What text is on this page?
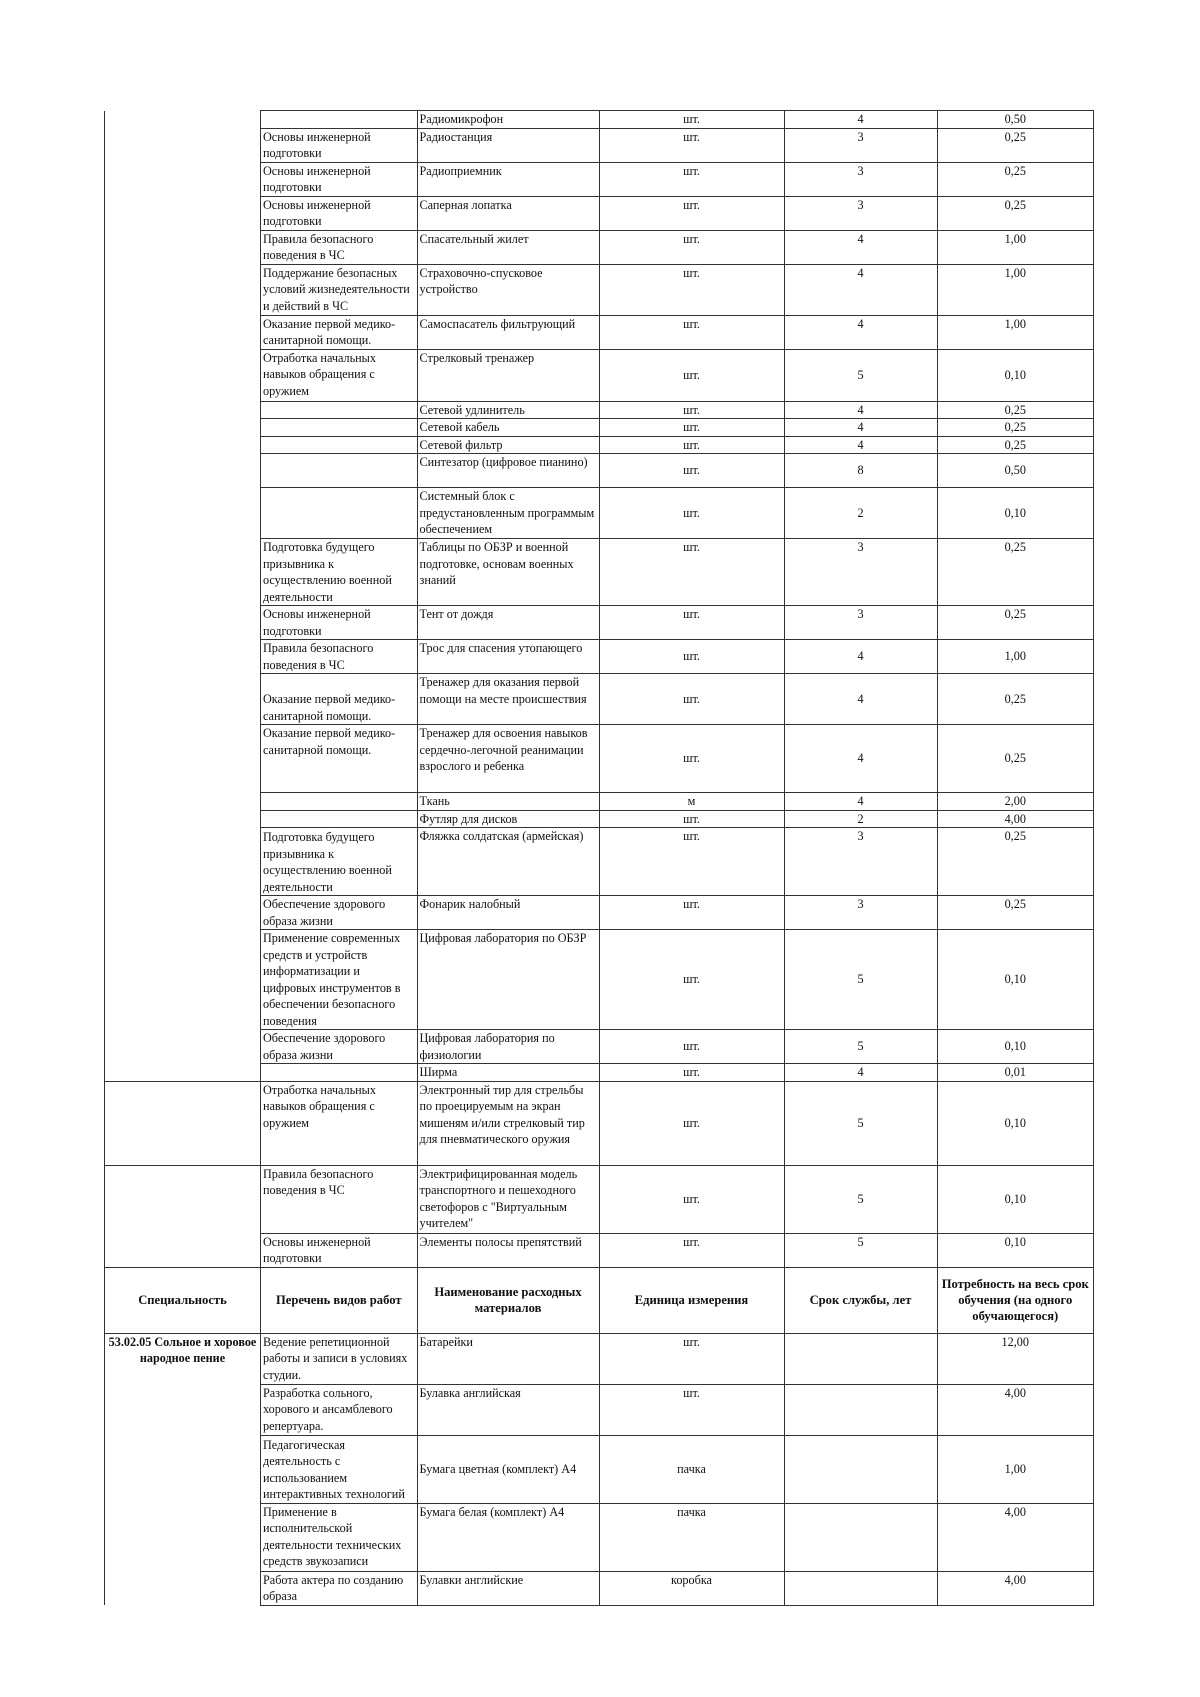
		Радиомикрофон	шт.	4	0,50
	Основы инженерной подготовки	Радиостанция	шт.	3	0,25
	Основы инженерной подготовки	Радиоприемник	шт.	3	0,25
	Основы инженерной подготовки	Саперная лопатка	шт.	3	0,25
	Правила безопасного поведения в ЧС	Спасательный жилет	шт.	4	1,00
	Поддержание безопасных условий жизнедеятельности и действий в ЧС	Страховочно-спусковое устройство	шт.	4	1,00
	Оказание первой медико-санитарной помощи.	Самоспасатель фильтрующий	шт.	4	1,00
	Отработка начальных навыков обращения с оружием	Стрелковый тренажер	шт.	5	0,10
		Сетевой удлинитель	шт.	4	0,25
		Сетевой кабель	шт.	4	0,25
		Сетевой фильтр	шт.	4	0,25
		Синтезатор (цифровое пианино)	шт.	8	0,50
		Системный блок с предустановленным программым обеспечением	шт.	2	0,10
	Подготовка будущего призывника к осуществлению военной деятельности	Таблицы по ОБЗР и военной подготовке, основам военных знаний	шт.	3	0,25
	Основы инженерной подготовки	Тент от дождя	шт.	3	0,25
	Правила безопасного поведения в ЧС	Трос для спасения утопающего	шт.	4	1,00
	Оказание первой медико-санитарной помощи.	Тренажер для оказания первой помощи на месте происшествия	шт.	4	0,25
	Оказание первой медико-санитарной помощи.	Тренажер для освоения навыков сердечно-легочной реанимации взрослого и ребенка	шт.	4	0,25
		Ткань	м	4	2,00
		Футляр для дисков	шт.	2	4,00
	Подготовка будущего призывника к осуществлению военной деятельности	Фляжка солдатская (армейская)	шт.	3	0,25
	Обеспечение здорового образа жизни	Фонарик налобный	шт.	3	0,25
	Применение современных средств и устройств информатизации и цифровых инструментов в обеспечении безопасного поведения	Цифровая лаборатория по ОБЗР	шт.	5	0,10
	Обеспечение здорового образа жизни	Цифровая лаборатория по физиологии	шт.	5	0,10
		Ширма	шт.	4	0,01
	Отработка начальных навыков обращения с оружием	Электронный тир для стрельбы по проецируемым на экран мишеням и/или стрелковый тир для пневматического оружия	шт.	5	0,10
	Правила безопасного поведения в ЧС	Электрифицированная модель транспортного и пешеходного светофоров с "Виртуальным учителем"	шт.	5	0,10
	Основы инженерной подготовки	Элементы полосы препятствий	шт.	5	0,10
Специальность	Перечень видов работ	Наименование расходных материалов	Единица измерения	Срок службы, лет	Потребность на весь срок обучения (на одного обучающегося)
53.02.05 Сольное и хоровое народное пение	Ведение репетиционной работы и записи в условиях студии.	Батарейки	шт.		12,00
	Разработка сольного, хорового и ансамблевого репертуара.	Булавка английская	шт.		4,00
	Педагогическая деятельность с использованием интерактивных технологий	Бумага цветная (комплект) А4	пачка		1,00
	Применение в исполнительской деятельности технических средств звукозаписи	Бумага белая (комплект) А4	пачка		4,00
	Работа актера по созданию образа	Булавки английские	коробка		4,00
